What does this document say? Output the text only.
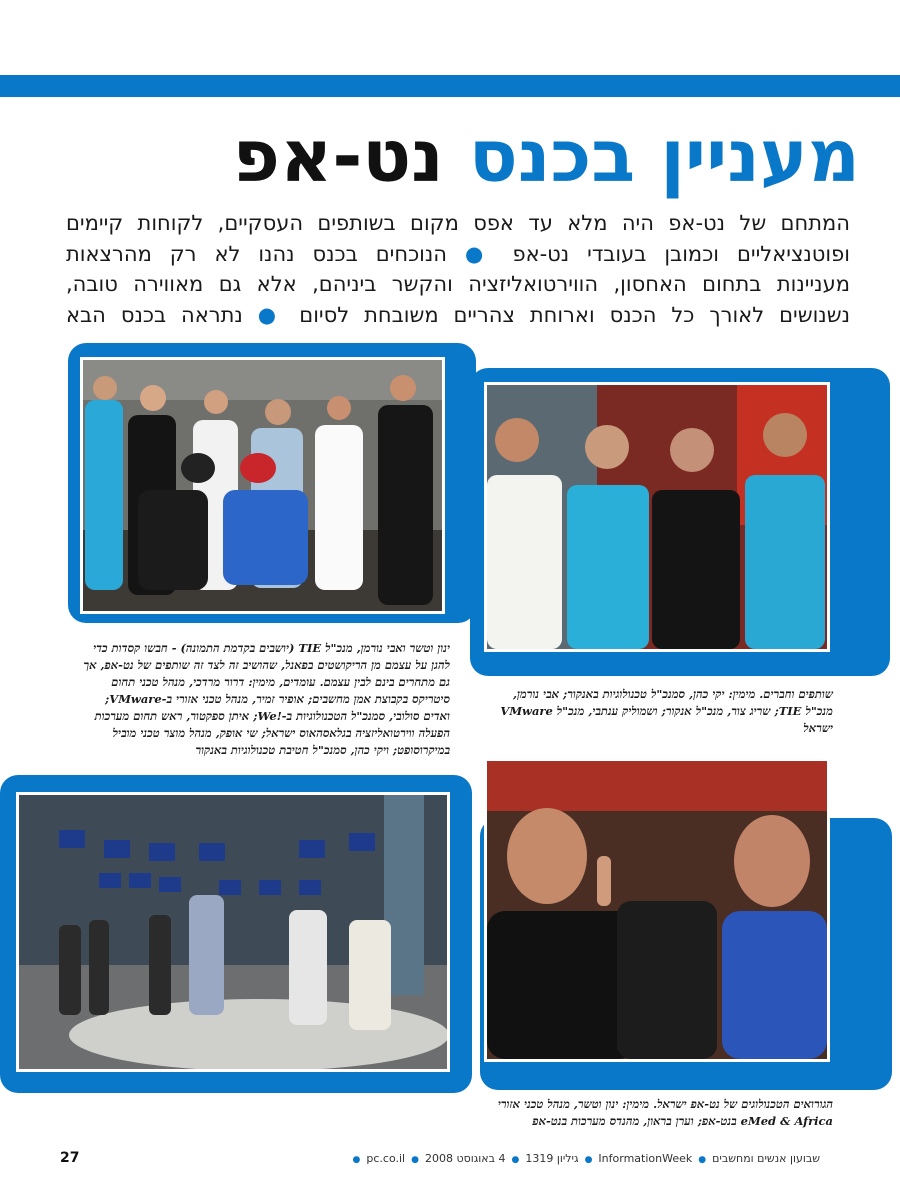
מעניין בכנס נט-אפ
המתחם של נט-אפ היה מלא עד אפס מקום בשותפים העסקיים, לקוחות קיימים
ופוטנציאליים וכמובן בעובדי נט-אפ ● הנוכחים בכנס נהנו לא רק מהרצאות
מעניינות בתחום האחסון, הווירטואליזציה והקשר ביניהם, אלא גם מאווירה טובה,
נשנושים לאורך כל הכנס וארוחת צהריים משובחת לסיום ● נתראה בכנס הבא
ינון וטשר ואבי נורמן, מנכ"ל TIE (יושבים בקדמת התמונה) - חבשו קסדות כדי להגן על עצמם מן הריקושטים בפאנל, שהושיב זה לצד זה שותפים של נט-אפ, אך גם מתחרים בינם לבין עצמם. עומדים, מימין: דרור מרדכי, מנהל טכני תחום סיטריקס בקבוצת אמן מחשבים; אופיר זמיר, מנהל טכני אזורי ב-VMware; ואדים סולובי, סמנכ"ל הטכנולוגיות ב-!We; איתן ספקטור, ראש תחום מערכות הפעלה ווירטואליזציה בגלאסהאוס ישראל; שי אופק, מנהל מוצר טכני מוביל במיקרוסופט; ויקי כהן, סמנכ"ל חטיבת טכנולוגיות באנקור
שותפים וחברים. מימין: יקי כהן, סמנכ"ל טכנולוגיות באנקור; אבי נורמן, מנכ"ל TIE; שריג צור, מנכ"ל אנקור; ושמוליק ענתבי, מנכ"ל VMware ישראל
הגורואים הטכנולוגים של נט-אפ ישראל. מימין: ינון וטשר, מנהל טכני אזורי eMed & Africa בנט-אפ; וערן בראון, מהנדס מערכות בנט-אפ
שבועון אנשים ומחשבים
●
InformationWeek
●
גיליון 1319
●
4 באוגוסט 2008
●
pc.co.il
●
27
